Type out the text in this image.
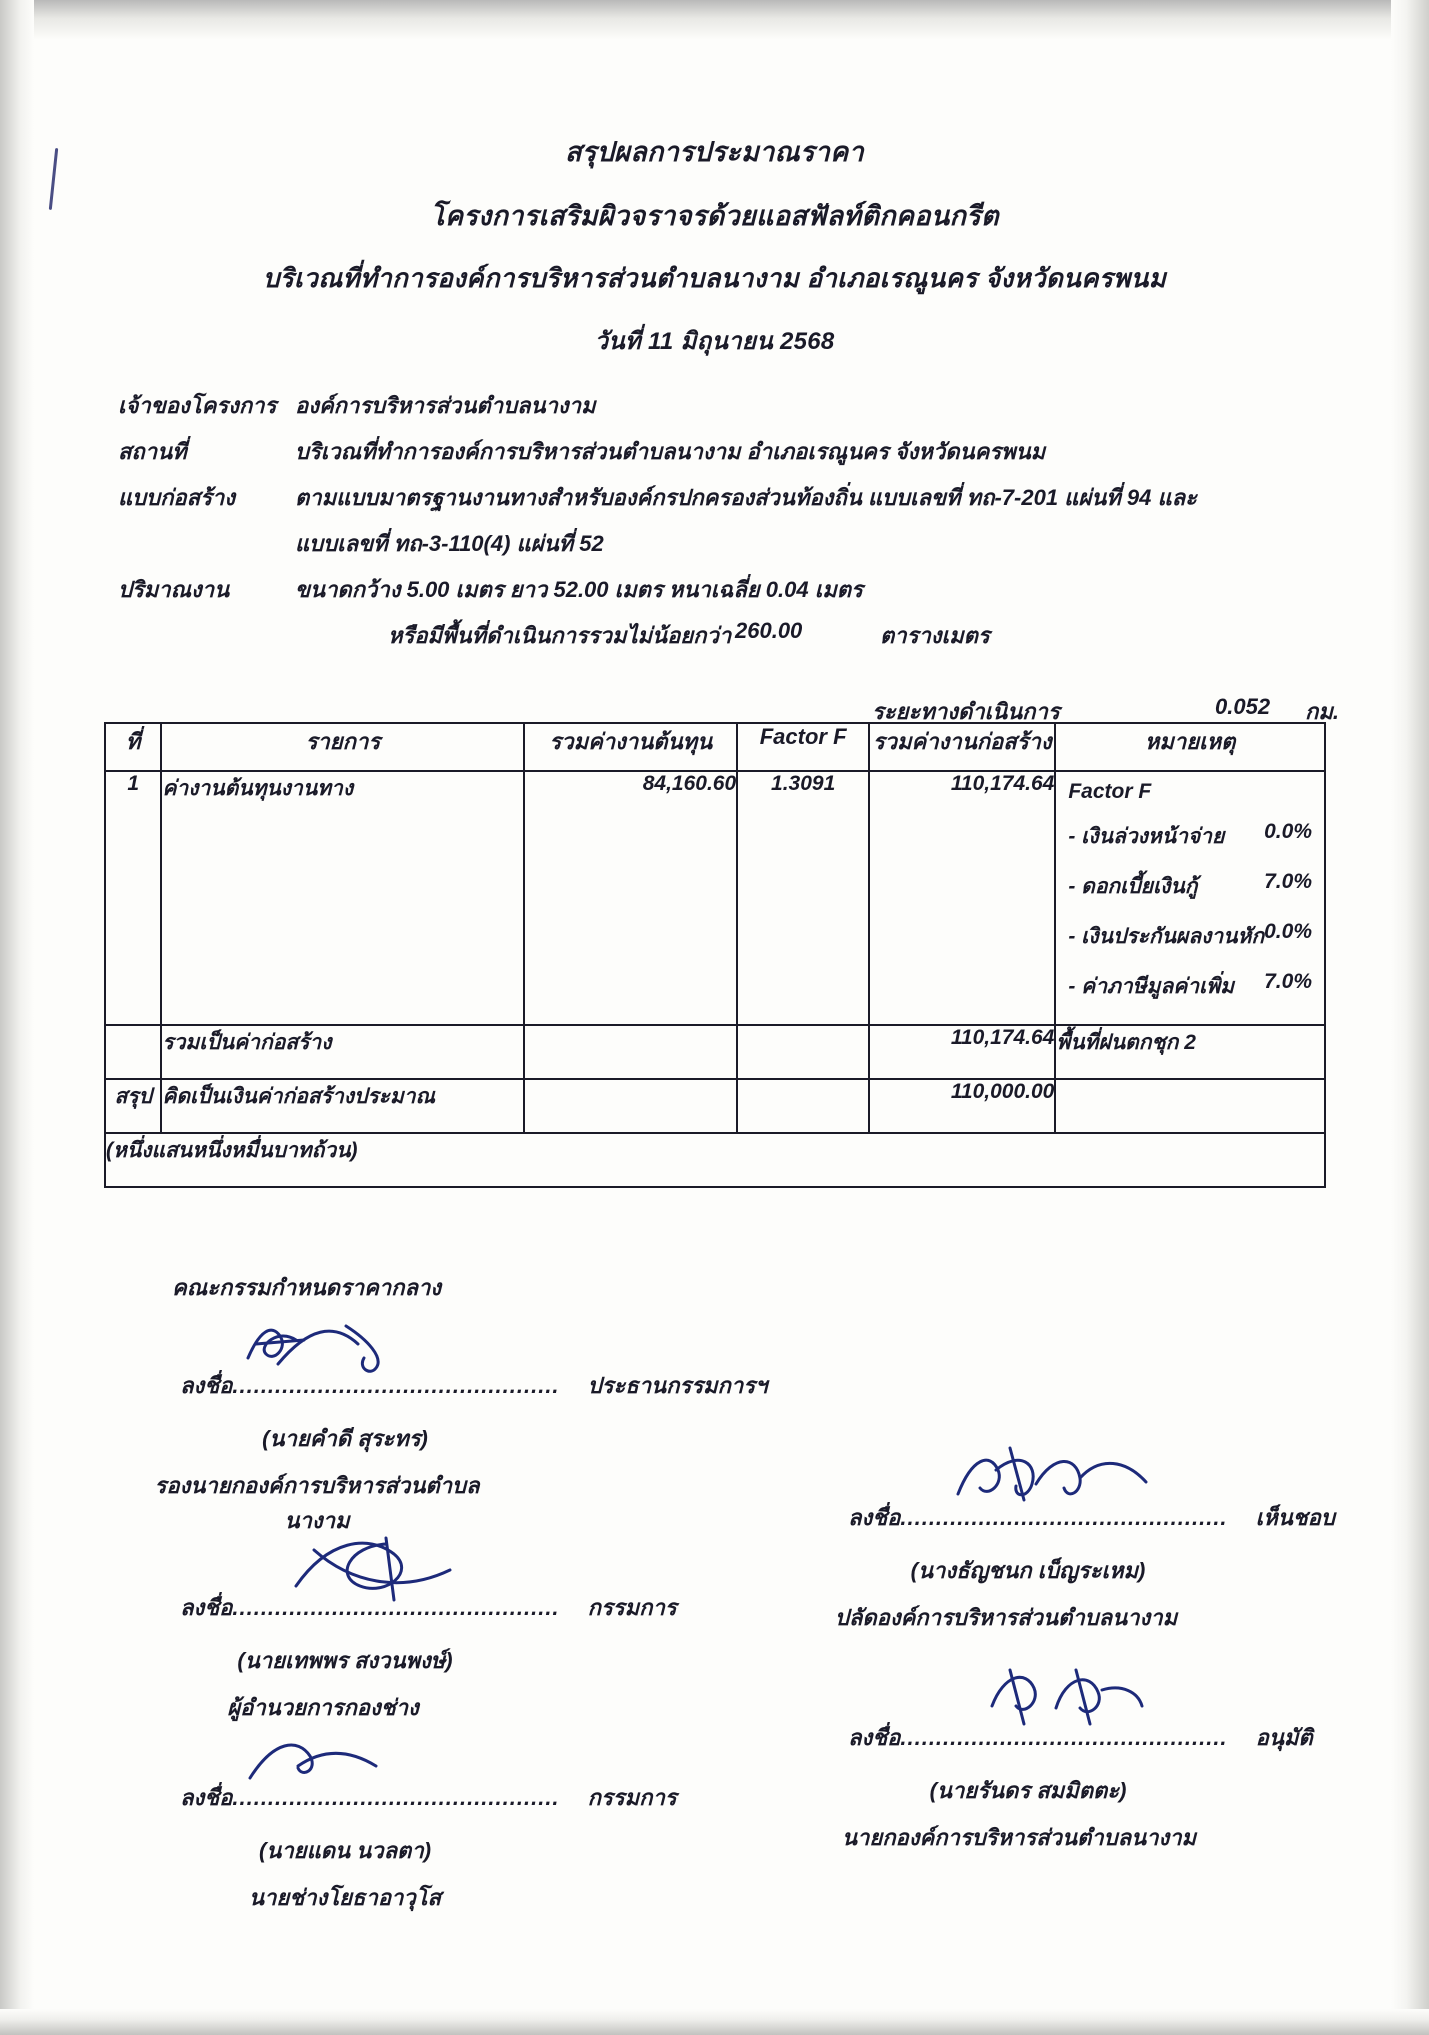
สรุปผลการประมาณราคา
โครงการเสริมผิวจราจรด้วยแอสฟัลท์ติกคอนกรีต
บริเวณที่ทำการองค์การบริหารส่วนตำบลนางาม อำเภอเรณูนคร จังหวัดนครพนม
วันที่ 11 มิถุนายน 2568
เจ้าของโครงการ องค์การบริหารส่วนตำบลนางาม
สถานที่	บริเวณที่ทำการองค์การบริหารส่วนตำบลนางาม อำเภอเรณูนคร จังหวัดนครพนม
แบบก่อสร้าง	ตามแบบมาตรฐานงานทางสำหรับองค์กรปกครองส่วนท้องถิ่น แบบเลขที่ ทถ-7-201 แผ่นที่ 94 และ
แบบเลขที่ ทถ-3-110(4) แผ่นที่ 52
ปริมาณงาน	ขนาดกว้าง 5.00 เมตร ยาว 52.00 เมตร หนาเฉลี่ย 0.04 เมตร
หรือมีพื้นที่ดำเนินการรวมไม่น้อยกว่า 260.00	ตารางเมตร
ระยะทางดำเนินการ	0.052 กม.
ที่	รายการ	รวมค่างานต้นทุน	Factor F	รวมค่างานก่อสร้าง	หมายเหตุ
1	ค่างานต้นทุนงานทาง	84,160.60	1.3091	110,174.64	Factor F
- เงินล่วงหน้าจ่าย 0.0%
- ดอกเบี้ยเงินกู้	7.0%
- เงินประกันผลงานหัก 0.0%
- ค่าภาษีมูลค่าเพิ่ม 7.0%

	รวมเป็นค่าก่อสร้าง			110,174.64	พื้นที่ฝนตกชุก 2
สรุป	คิดเป็นเงินค่าก่อสร้างประมาณ			110,000.00	
(หนึ่งแสนหนึ่งหมื่นบาทถ้วน)					
คณะกรรมกำหนดราคากลาง
ลงชื่อ.............................................. ประธานกรรมการฯ
(นายคำดี สุระทร)
รองนายกองค์การบริหารส่วนตำบลนางาม
ลงชื่อ.............................................. กรรมการ
(นายเทพพร สงวนพงษ์)
ผู้อำนวยการกองช่าง
ลงชื่อ.............................................. กรรมการ
(นายแดน นวลตา)
นายช่างโยธาอาวุโส
ลงชื่อ.............................................. เห็นชอบ
(นางธัญชนก เบ็ญระเหม)
ปลัดองค์การบริหารส่วนตำบลนางาม
ลงชื่อ.............................................. อนุมัติ
(นายรันดร สมมิตตะ)
นายกองค์การบริหารส่วนตำบลนางาม
